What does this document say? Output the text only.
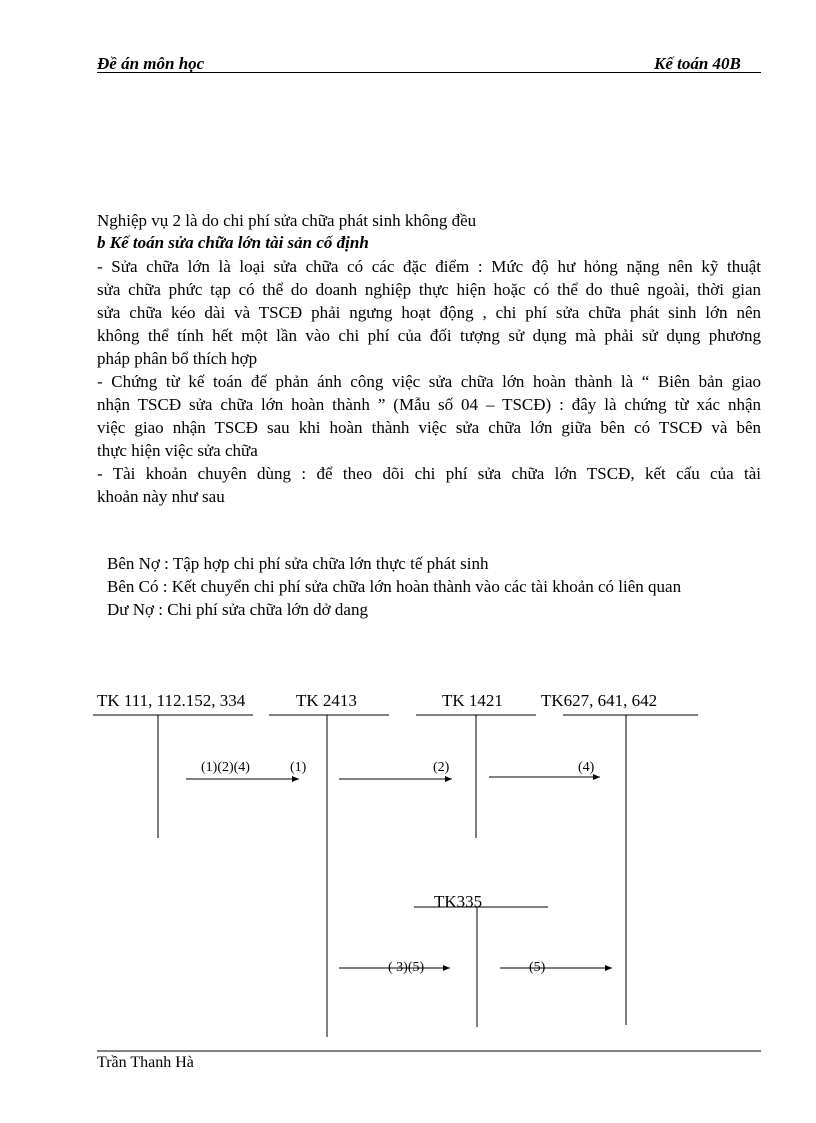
Đề án môn học	Kế toán 40B
Nghiệp vụ 2 là do chi phí sửa chữa phát sinh không đều
b Kế toán sửa chữa lớn tài sản cố định
- Sửa chữa lớn là loại sửa chữa có các đặc điểm : Mức độ hư hỏng nặng nên kỹ thuật
sửa chữa phức tạp có thể do doanh nghiệp thực hiện hoặc có thể do thuê ngoài, thời gian
sửa chữa kéo dài và TSCĐ phải ngưng hoạt động , chi phí sửa chữa phát sinh lớn nên
không thể tính hết một lần vào chi phí của đối tượng sử dụng mà phải sử dụng phương
pháp phân bổ thích hợp
- Chứng từ kế toán để phản ánh công việc sửa chữa lớn hoàn thành là “ Biên bản giao
nhận TSCĐ sửa chữa lớn hoàn thành ” (Mẫu số 04 – TSCĐ) : đây là chứng từ xác nhận
việc giao nhận TSCĐ sau khi hoàn thành việc sửa chữa lớn giữa bên có TSCĐ và bên
thực hiện việc sửa chữa
- Tài khoản chuyên dùng : để theo dõi chi phí sửa chữa lớn TSCĐ, kết cấu của tài
khoản này như sau
Bên Nợ : Tập hợp chi phí sửa chữa lớn thực tế phát sinh
Bên Có : Kết chuyển chi phí sửa chữa lớn hoàn thành vào các tài khoản có liên quan
Dư Nợ : Chi phí sửa chữa lớn dở dang
TK 111, 112.152, 334	TK 2413	TK 1421 TK627, 641, 642
TK335
(1)(2)(4)	(1)	(2)	(4)
( 3)(5)	(5)
Trần Thanh Hà
